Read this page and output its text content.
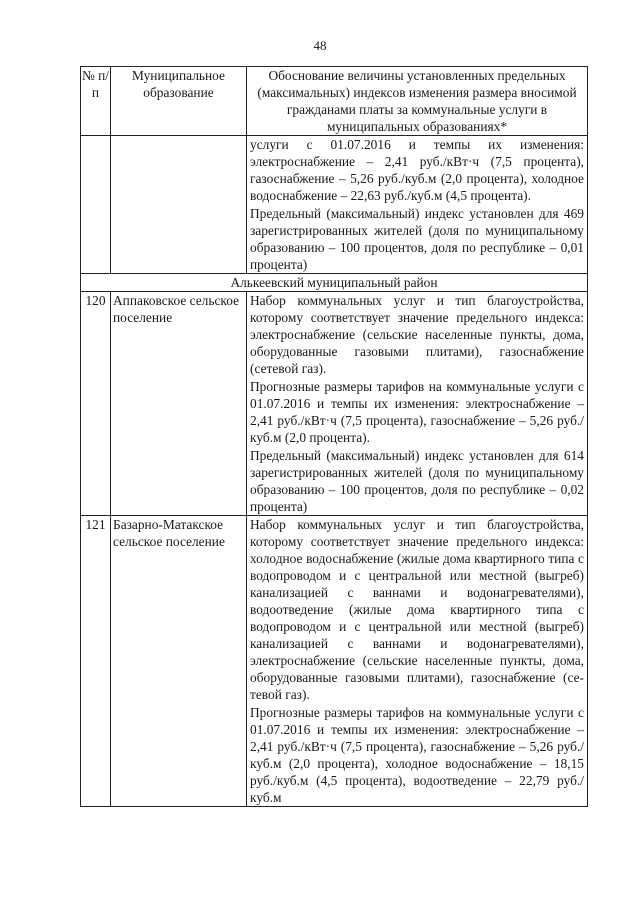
48
№ п/п	Муниципальное образование	Обоснование величины установленных предельных (максимальных) индексов изменения размера вносимой гражданами платы за коммунальные услуги в муниципальных образованиях*

		услуги с 01.07.2016 и темпы их изменения: электроснабжение – 2,41 руб./кВт·ч (7,5 процента), газоснабжение – 5,26 руб./куб.м (2,0 процента), холодное водоснабжение – 22,63 руб./куб.м (4,5 процента).

Предельный (максимальный) индекс установлен для 469 зарегистрированных жителей (доля по муниципальному образованию – 100 процентов, доля по республике – 0,01 процента)

Алькеевский муниципальный район		
120	Аппаковское сельское поселение	Набор коммунальных услуг и тип благоустройства, которому соответствует значение предельного индекса: электроснабжение (сельские населенные пункты, дома, оборудованные газовыми плитами), газоснабжение (сетевой газ).

Прогнозные размеры тарифов на коммунальные услуги с 01.07.2016 и темпы их изменения: электроснабжение – 2,41 руб./кВт·ч (7,5 процента), газоснабжение – 5,26 руб./куб.м (2,0 процента).

Предельный (максимальный) индекс установлен для 614 зарегистрированных жителей (доля по муниципальному образованию – 100 процентов, доля по республике – 0,02 процента)

121	Базарно-Матакское сельское поселение	Набор коммунальных услуг и тип благоустройства, которому соответствует значение предельного индекса: холодное водоснабжение (жилые дома квартирного типа с водопроводом и с центральной или местной (выгреб) канализацией с ваннами и водонагревателями), водоотведение (жилые дома квартирного типа с водопроводом и с центральной или местной (выгреб) канализацией с ваннами и водонагревателями), электроснабжение (сельские населенные пункты, дома, оборудованные газовыми плитами), газоснабжение (се-тевой газ).

Прогнозные размеры тарифов на коммунальные услуги с 01.07.2016 и темпы их изменения: электроснабжение – 2,41 руб./кВт·ч (7,5 процента), газоснабжение – 5,26 руб./куб.м (2,0 процента), холодное водоснабжение – 18,15 руб./куб.м (4,5 процента), водоотведение – 22,79 руб./куб.м
